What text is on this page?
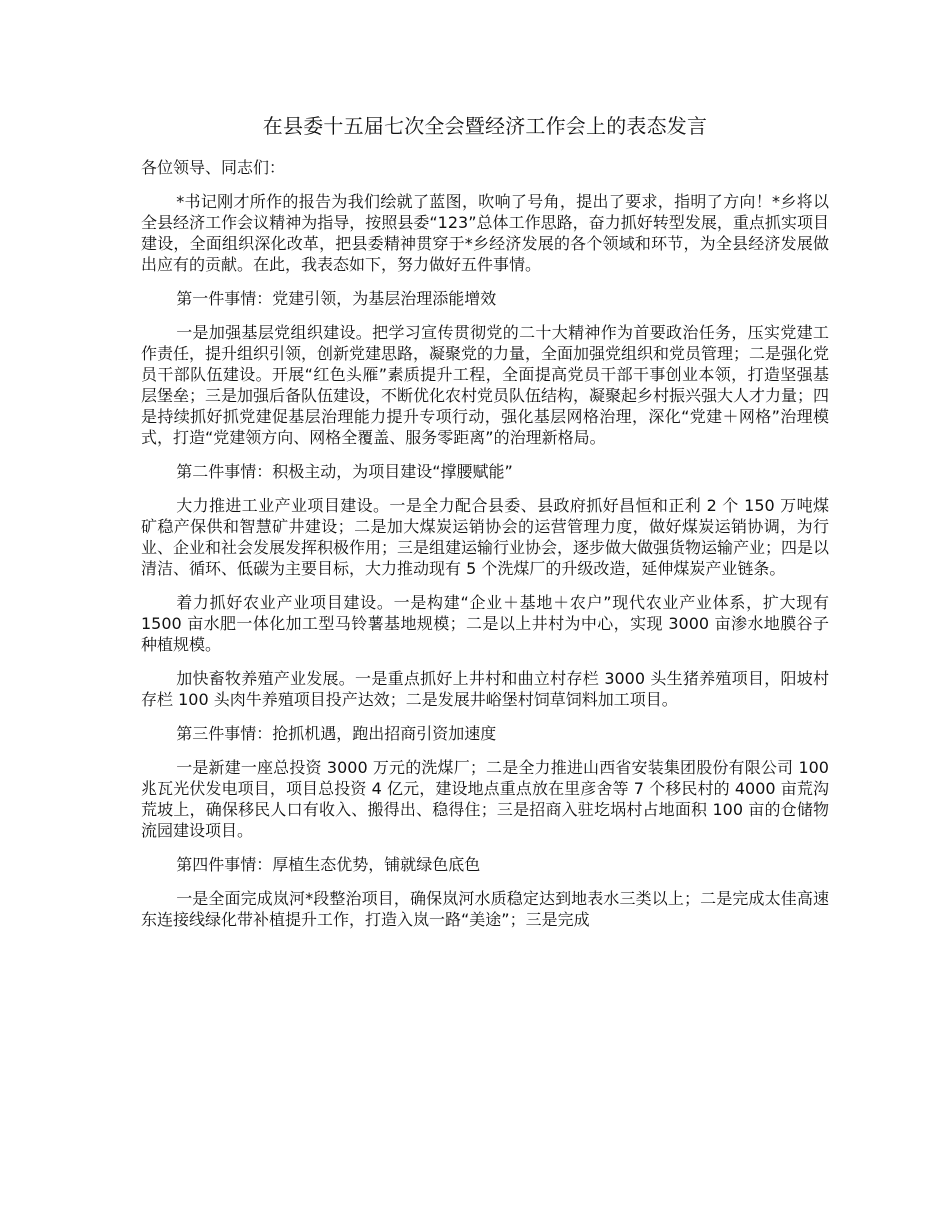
在县委十五届七次全会暨经济工作会上的表态发言

各位领导、同志们：

*书记刚才所作的报告为我们绘就了蓝图，吹响了号角，提出了要求，指明了方向！*乡将以全县经济工作会议精神为指导，按照县委“123”总体工作思路，奋力抓好转型发展，重点抓实项目建设，全面组织深化改革，把县委精神贯穿于*乡经济发展的各个领域和环节，为全县经济发展做出应有的贡献。在此，我表态如下，努力做好五件事情。

第一件事情：党建引领，为基层治理添能增效

一是加强基层党组织建设。把学习宣传贯彻党的二十大精神作为首要政治任务，压实党建工作责任，提升组织引领，创新党建思路，凝聚党的力量，全面加强党组织和党员管理；二是强化党员干部队伍建设。开展“红色头雁”素质提升工程，全面提高党员干部干事创业本领，打造坚强基层堡垒；三是加强后备队伍建设，不断优化农村党员队伍结构，凝聚起乡村振兴强大人才力量；四是持续抓好抓党建促基层治理能力提升专项行动，强化基层网格治理，深化“党建＋网格”治理模式，打造“党建领方向、网格全覆盖、服务零距离”的治理新格局。

第二件事情：积极主动，为项目建设“撑腰赋能”

大力推进工业产业项目建设。一是全力配合县委、县政府抓好昌恒和正利 2 个 150 万吨煤矿稳产保供和智慧矿井建设；二是加大煤炭运销协会的运营管理力度，做好煤炭运销协调，为行业、企业和社会发展发挥积极作用；三是组建运输行业协会，逐步做大做强货物运输产业；四是以清洁、循环、低碳为主要目标，大力推动现有 5 个洗煤厂的升级改造，延伸煤炭产业链条。

着力抓好农业产业项目建设。一是构建“企业＋基地＋农户”现代农业产业体系，扩大现有 1500 亩水肥一体化加工型马铃薯基地规模；二是以上井村为中心，实现 3000 亩渗水地膜谷子种植规模。

加快畜牧养殖产业发展。一是重点抓好上井村和曲立村存栏 3000 头生猪养殖项目，阳坡村存栏 100 头肉牛养殖项目投产达效；二是发展井峪堡村饲草饲料加工项目。

第三件事情：抢抓机遇，跑出招商引资加速度

一是新建一座总投资 3000 万元的洗煤厂；二是全力推进山西省安装集团股份有限公司 100 兆瓦光伏发电项目，项目总投资 4 亿元，建设地点重点放在里彦舍等 7 个移民村的 4000 亩荒沟荒坡上，确保移民人口有收入、搬得出、稳得住；三是招商入驻圪埚村占地面积 100 亩的仓储物流园建设项目。

第四件事情：厚植生态优势，铺就绿色底色

一是全面完成岚河*段整治项目，确保岚河水质稳定达到地表水三类以上；二是完成太佳高速东连接线绿化带补植提升工作，打造入岚一路“美途”；三是完成
